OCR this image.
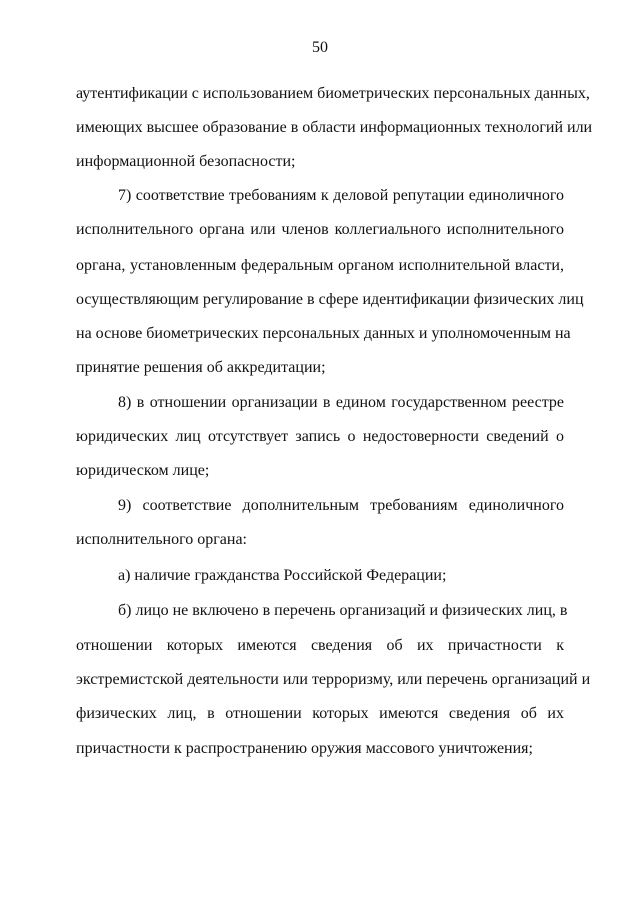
50
аутентификации с использованием биометрических персональных данных,
имеющих высшее образование в области информационных технологий или
информационной безопасности;
7) соответствие требованиям к деловой репутации единоличного
исполнительного органа или членов коллегиального исполнительного
органа, установленным федеральным органом исполнительной власти,
осуществляющим регулирование в сфере идентификации физических лиц
на основе биометрических персональных данных и уполномоченным на
принятие решения об аккредитации;
8) в отношении организации в едином государственном реестре
юридических лиц отсутствует запись о недостоверности сведений о
юридическом лице;
9) соответствие дополнительным требованиям единоличного
исполнительного органа:
а) наличие гражданства Российской Федерации;
б) лицо не включено в перечень организаций и физических лиц, в
отношении которых имеются сведения об их причастности к
экстремистской деятельности или терроризму, или перечень организаций и
физических лиц, в отношении которых имеются сведения об их
причастности к распространению оружия массового уничтожения;
